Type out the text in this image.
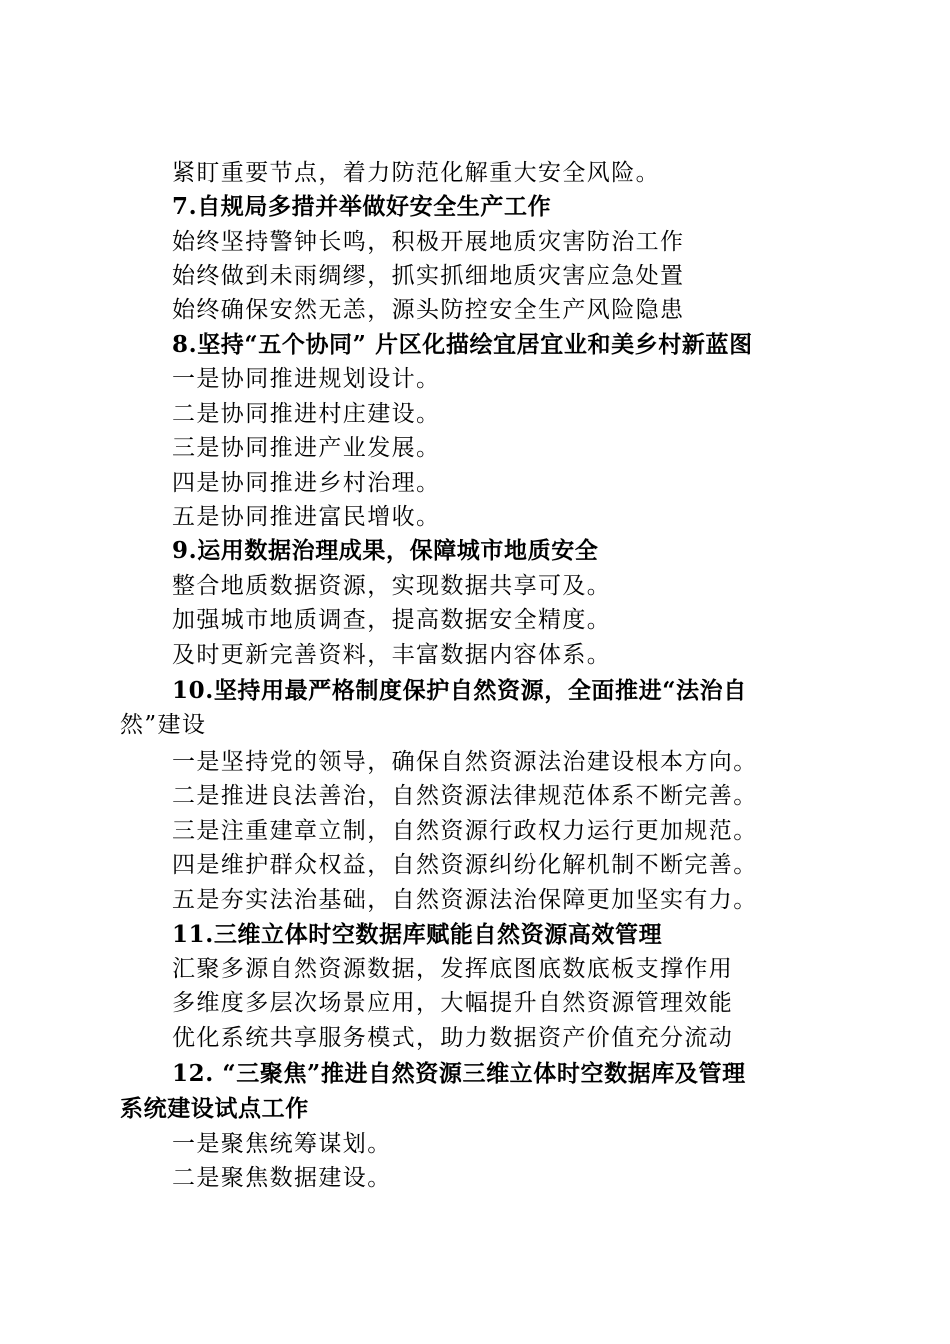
紧盯重要节点，着力防范化解重大安全风险。
7.自规局多措并举做好安全生产工作
始终坚持警钟长鸣，积极开展地质灾害防治工作
始终做到未雨绸缪，抓实抓细地质灾害应急处置
始终确保安然无恙，源头防控安全生产风险隐患
8.坚持“五个协同” 片区化描绘宜居宜业和美乡村新蓝图
一是协同推进规划设计。
二是协同推进村庄建设。
三是协同推进产业发展。
四是协同推进乡村治理。
五是协同推进富民增收。
9.运用数据治理成果，保障城市地质安全
整合地质数据资源，实现数据共享可及。
加强城市地质调查，提高数据安全精度。
及时更新完善资料，丰富数据内容体系。
10.坚持用最严格制度保护自然资源，全面推进“法治自
然”建设
一是坚持党的领导，确保自然资源法治建设根本方向。
二是推进良法善治，自然资源法律规范体系不断完善。
三是注重建章立制，自然资源行政权力运行更加规范。
四是维护群众权益，自然资源纠纷化解机制不断完善。
五是夯实法治基础，自然资源法治保障更加坚实有力。
11.三维立体时空数据库赋能自然资源高效管理
汇聚多源自然资源数据，发挥底图底数底板支撑作用
多维度多层次场景应用，大幅提升自然资源管理效能
优化系统共享服务模式，助力数据资产价值充分流动
12. “三聚焦”推进自然资源三维立体时空数据库及管理
系统建设试点工作
一是聚焦统筹谋划。
二是聚焦数据建设。
